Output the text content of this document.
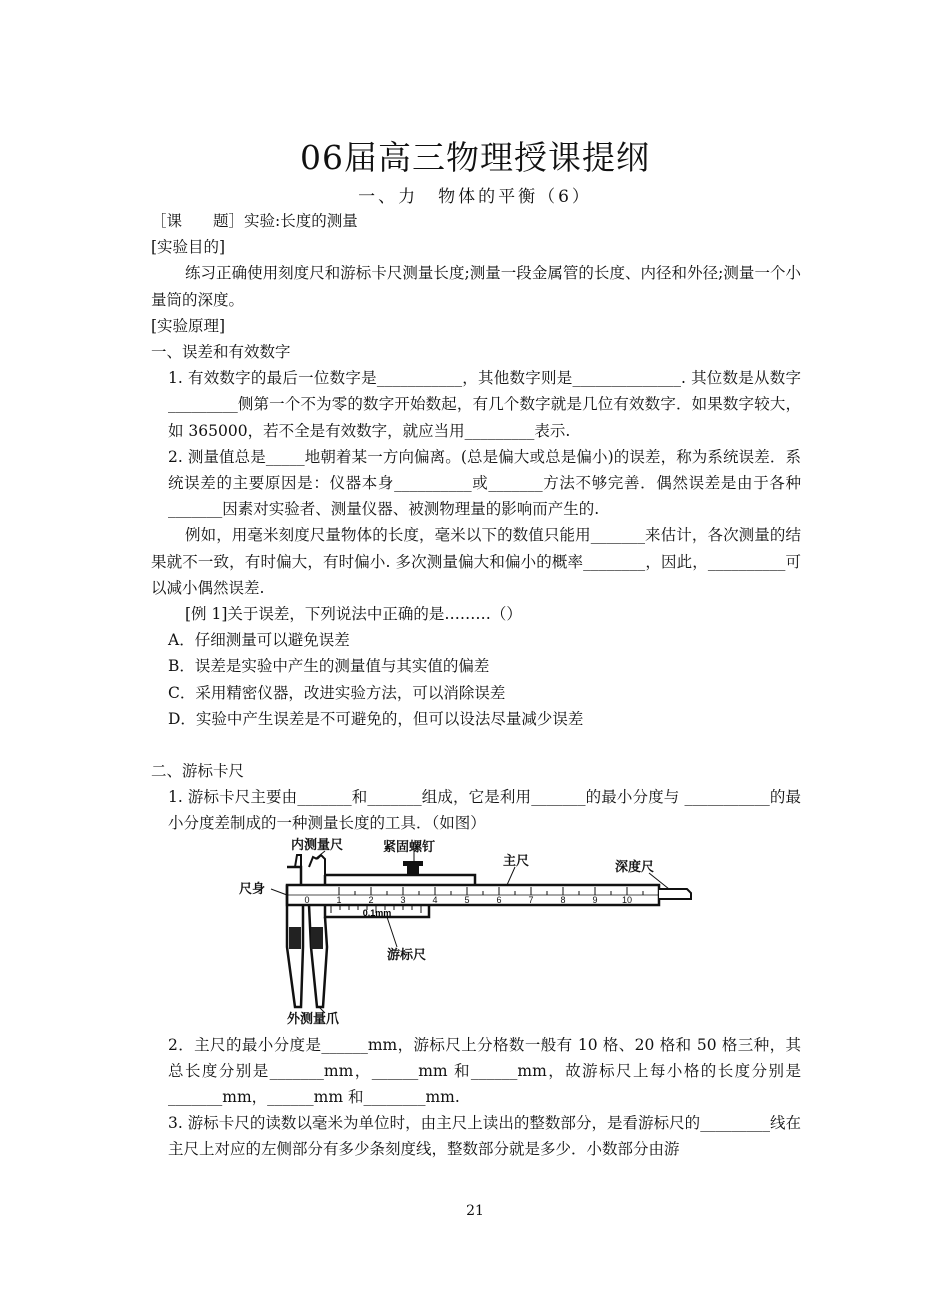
06届高三物理授课提纲
一、力　物体的平衡（6）

［课　　题］实验:长度的测量

[实验目的]

练习正确使用刻度尺和游标卡尺测量长度;测量一段金属管的长度、内径和外径;测量一个小量筒的深度。

[实验原理]

一、误差和有效数字

1. 有效数字的最后一位数字是___________，其他数字则是______________. 其位数是从数字_________侧第一个不为零的数字开始数起，有几个数字就是几位有效数字．如果数字较大，如 365000，若不全是有效数字，就应当用_________表示.

2. 测量值总是_____地朝着某一方向偏离。(总是偏大或总是偏小)的误差，称为系统误差．系统误差的主要原因是：仪器本身__________或_______方法不够完善．偶然误差是由于各种_______因素对实验者、测量仪器、被测物理量的影响而产生的.

例如，用毫米刻度尺量物体的长度，毫米以下的数值只能用_______来估计，各次测量的结果就不一致，有时偏大，有时偏小. 多次测量偏大和偏小的概率________，因此，__________可以减小偶然误差.

[例 1]关于误差，下列说法中正确的是………（）

A．仔细测量可以避免误差

B．误差是实验中产生的测量值与其实值的偏差

C．采用精密仪器，改进实验方法，可以消除误差

D．实验中产生误差是不可避免的，但可以设法尽量减少误差

二、游标卡尺

1. 游标卡尺主要由_______和_______组成，它是利用_______的最小分度与 ___________的最小分度差制成的一种测量长度的工具．（如图）

0	1	2	3	4	5	6	7	8	9	10
0.1mm
内测量尺	紧固螺钉
主尺	深度尺
尺身
游标尺
外测量爪

2．主尺的最小分度是______mm，游标尺上分格数一般有 10 格、20 格和 50 格三种，其总长度分别是_______mm，______mm 和______mm，故游标尺上每小格的长度分别是_______mm，______mm 和________mm.

3. 游标卡尺的读数以毫米为单位时，由主尺上读出的整数部分，是看游标尺的_________线在主尺上对应的左侧部分有多少条刻度线，整数部分就是多少．小数部分由游

21
